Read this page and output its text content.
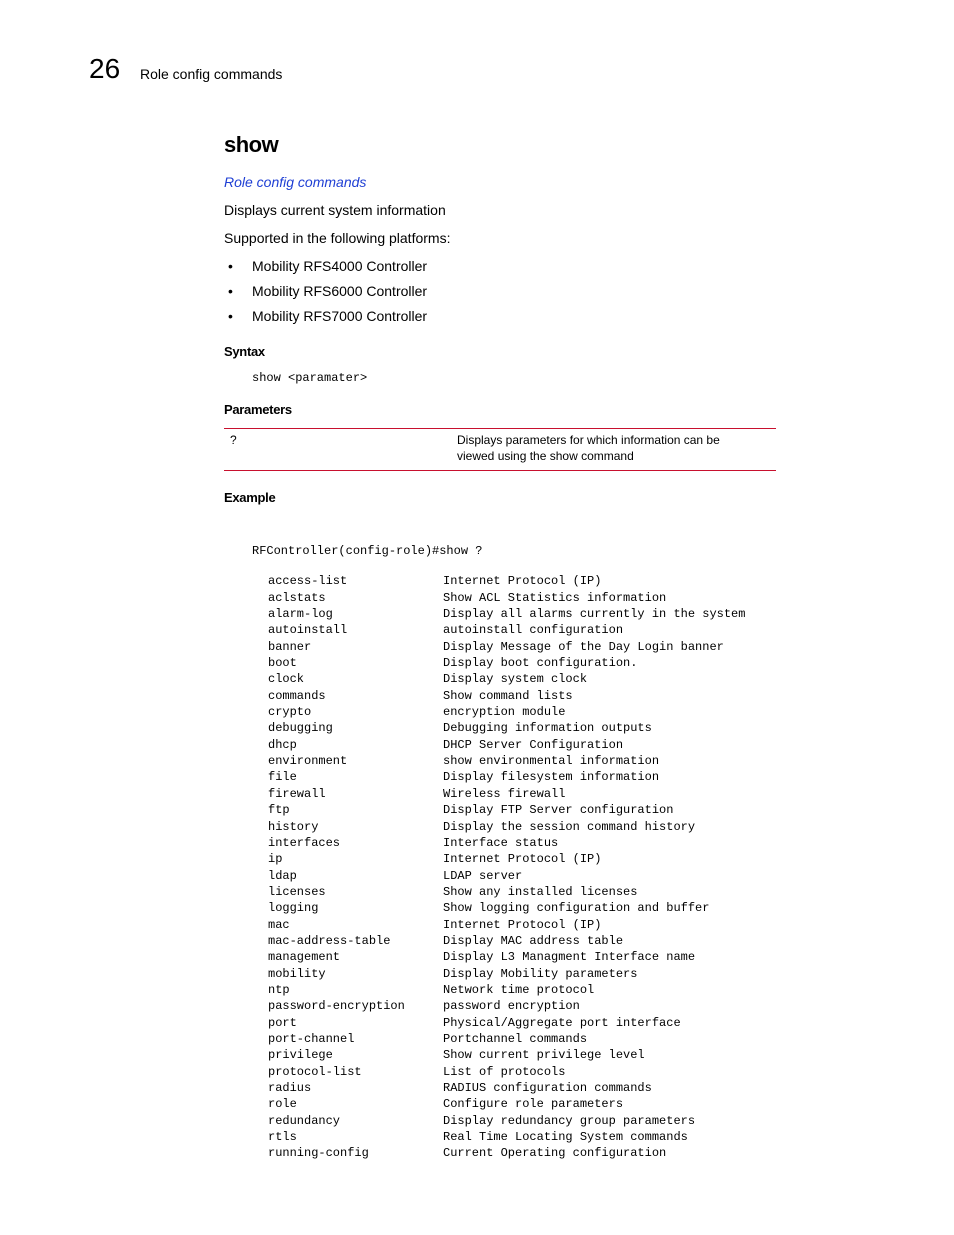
26 Role config commands
show
Role config commands
Displays current system information
Supported in the following platforms:
• Mobility RFS4000 Controller
• Mobility RFS6000 Controller
• Mobility RFS7000 Controller
Syntax
show <paramater>
Parameters
?	Displays parameters for which information can be viewed using the show command
Example

RFController(config-role)#show ?

access-list	Internet Protocol (IP)
aclstats	Show ACL Statistics information
alarm-log	Display all alarms currently in the system
autoinstall	autoinstall configuration
banner	Display Message of the Day Login banner
boot	Display boot configuration.
clock	Display system clock
commands	Show command lists
crypto	encryption module
debugging	Debugging information outputs
dhcp	DHCP Server Configuration
environment	show environmental information
file	Display filesystem information
firewall	Wireless firewall
ftp	Display FTP Server configuration
history	Display the session command history
interfaces	Interface status
ip	Internet Protocol (IP)
ldap	LDAP server
licenses	Show any installed licenses
logging	Show logging configuration and buffer
mac	Internet Protocol (IP)
mac-address-table	Display MAC address table
management	Display L3 Managment Interface name
mobility	Display Mobility parameters
ntp	Network time protocol
password-encryption	password encryption
port	Physical/Aggregate port interface
port-channel	Portchannel commands
privilege	Show current privilege level
protocol-list	List of protocols
radius	RADIUS configuration commands
role	Configure role parameters
redundancy	Display redundancy group parameters
rtls	Real Time Locating System commands
running-config	Current Operating configuration
